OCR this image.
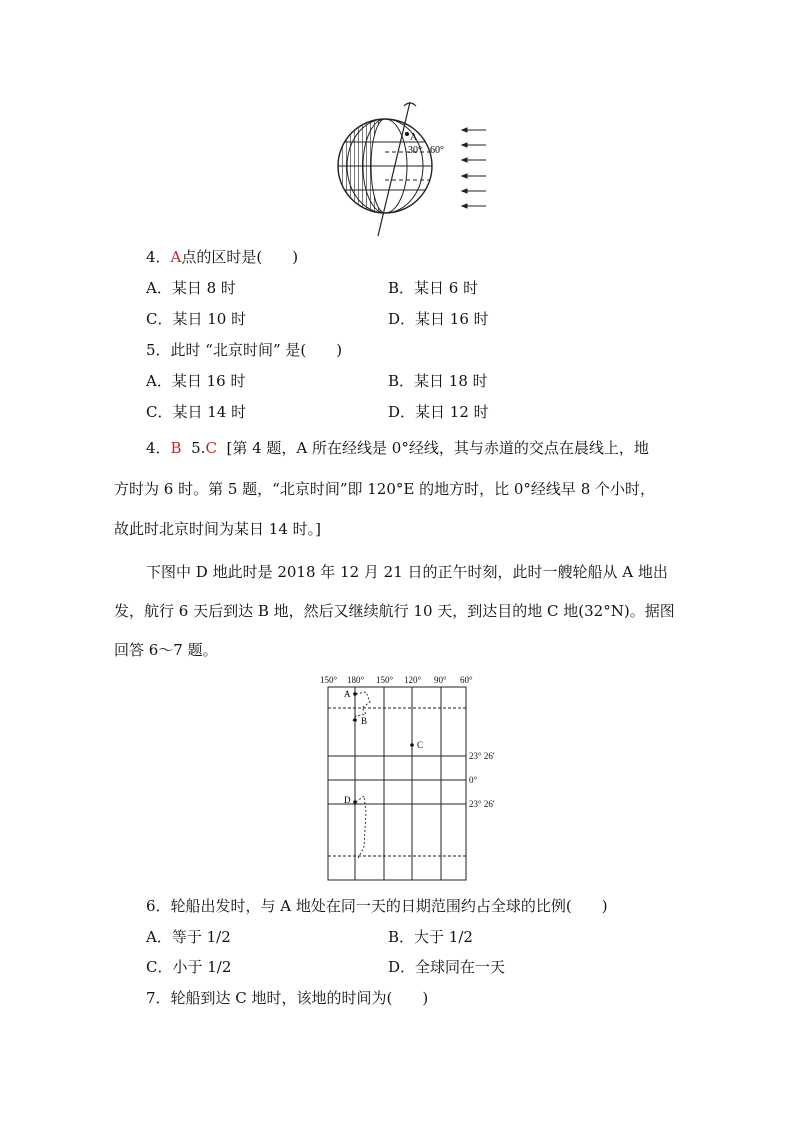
A
30° 60°
4．A点的区时是(　　)
A．某日 8 时	B．某日 6 时
C．某日 10 时	D．某日 16 时
5．此时 “北京时间” 是(　　)
A．某日 16 时	B．某日 18 时
C．某日 14 时	D．某日 12 时
4．B 5.C [第 4 题，A 所在经线是 0°经线，其与赤道的交点在晨线上，地
方时为 6 时。第 5 题，“北京时间”即 120°E 的地方时，比 0°经线早 8 个小时，
故此时北京时间为某日 14 时。]
下图中 D 地此时是 2018 年 12 月 21 日的正午时刻，此时一艘轮船从 A 地出
发，航行 6 天后到达 B 地，然后又继续航行 10 天，到达目的地 C 地(32°N)。据图
回答 6～7 题。
150° 180° 150° 120° 90° 60°
23° 26′
0°
23° 26′
A
B
C
D
6．轮船出发时，与 A 地处在同一天的日期范围约占全球的比例(　　)
A．等于 1/2	B．大于 1/2
C．小于 1/2	D．全球同在一天
7．轮船到达 C 地时，该地的时间为(　　)
